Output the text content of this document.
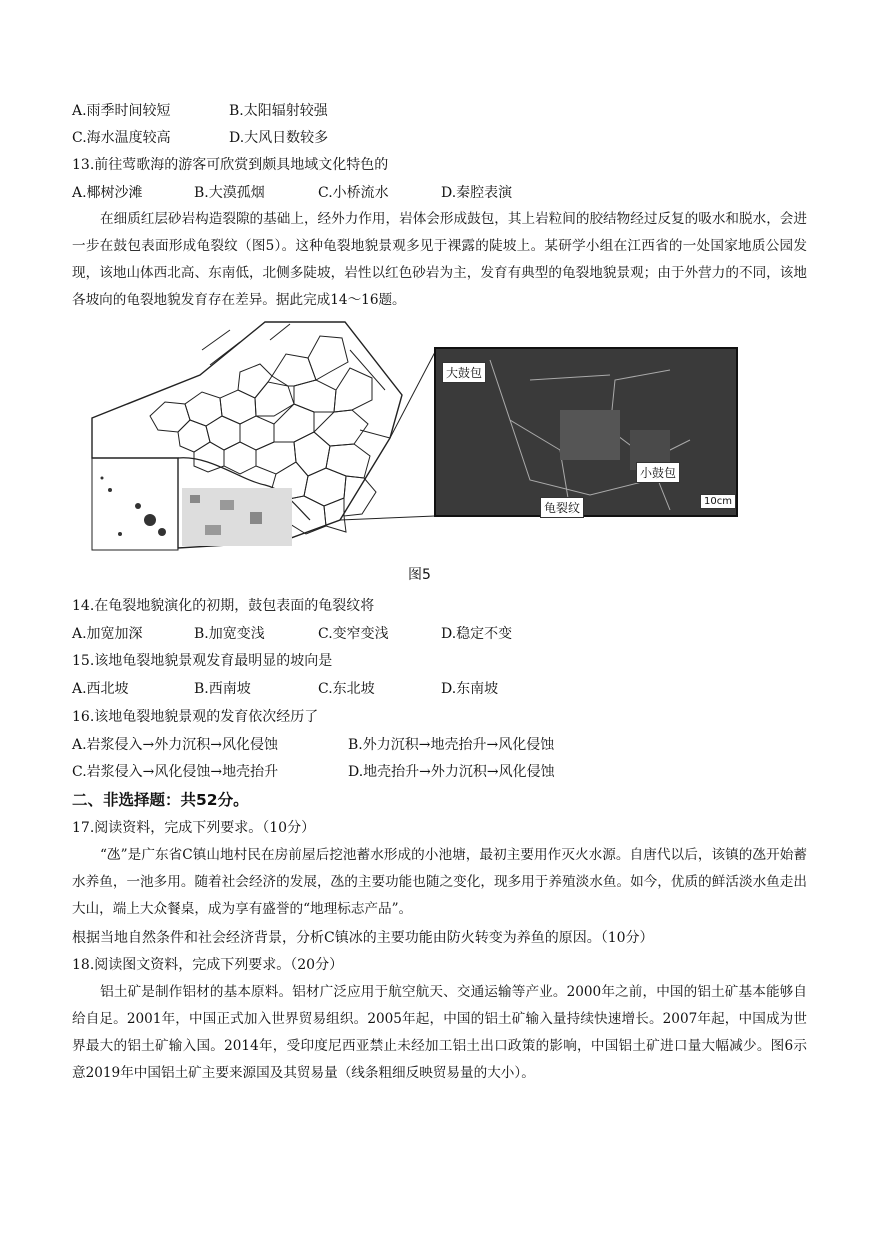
A.雨季时间较短	B.太阳辐射较强
C.海水温度较高	D.大风日数较多
13.前往莺歌海的游客可欣赏到颇具地域文化特色的
A.椰树沙滩	B.大漠孤烟	C.小桥流水	D.秦腔表演
在细质红层砂岩构造裂隙的基础上，经外力作用，岩体会形成鼓包，其上岩粒间的胶结物经过反复的吸水和脱水，会进一步在鼓包表面形成龟裂纹（图5）。这种龟裂地貌景观多见于裸露的陡坡上。某研学小组在江西省的一处国家地质公园发现，该地山体西北高、东南低，北侧多陡坡，岩性以红色砂岩为主，发育有典型的龟裂地貌景观；由于外营力的不同，该地各坡向的龟裂地貌发育存在差异。据此完成14～16题。
大鼓包
小鼓包
龟裂纹	10cm
图5
14.在龟裂地貌演化的初期，鼓包表面的龟裂纹将
A.加宽加深	B.加宽变浅	C.变窄变浅	D.稳定不变
15.该地龟裂地貌景观发育最明显的坡向是
A.西北坡	B.西南坡	C.东北坡	D.东南坡
16.该地龟裂地貌景观的发育依次经历了
A.岩浆侵入→外力沉积→风化侵蚀	B.外力沉积→地壳抬升→风化侵蚀
C.岩浆侵入→风化侵蚀→地壳抬升	D.地壳抬升→外力沉积→风化侵蚀
二、非选择题：共52分。
17.阅读资料，完成下列要求。（10分）
“氹”是广东省C镇山地村民在房前屋后挖池蓄水形成的小池塘，最初主要用作灭火水源。自唐代以后，该镇的氹开始蓄水养鱼，一池多用。随着社会经济的发展，氹的主要功能也随之变化，现多用于养殖淡水鱼。如今，优质的鲜活淡水鱼走出大山，端上大众餐桌，成为享有盛誉的“地理标志产品”。
根据当地自然条件和社会经济背景，分析C镇冰的主要功能由防火转变为养鱼的原因。（10分）
18.阅读图文资料，完成下列要求。（20分）
铝土矿是制作铝材的基本原料。铝材广泛应用于航空航天、交通运输等产业。2000年之前，中国的铝土矿基本能够自给自足。2001年，中国正式加入世界贸易组织。2005年起，中国的铝土矿输入量持续快速增长。2007年起，中国成为世界最大的铝土矿输入国。2014年，受印度尼西亚禁止未经加工铝土出口政策的影响，中国铝土矿进口量大幅减少。图6示意2019年中国铝土矿主要来源国及其贸易量（线条粗细反映贸易量的大小）。
